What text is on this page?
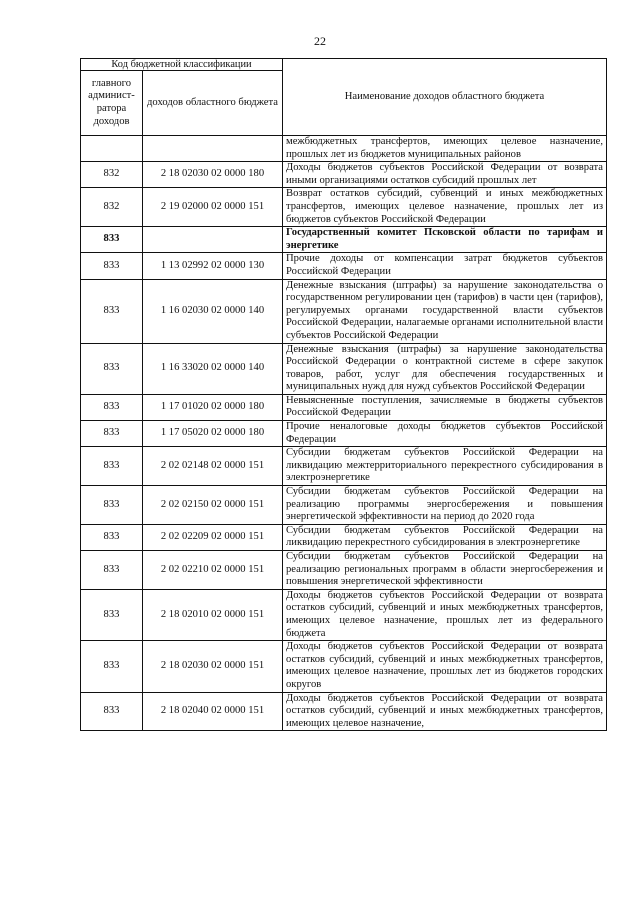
22
Код бюджетной классификации		Наименование доходов областного бюджета
главного админист-ратора доходов	доходов областного бюджета	
		межбюджетных трансфертов, имеющих целевое назначение, прошлых лет из бюджетов муниципальных районов
832	2 18 02030 02 0000 180	Доходы бюджетов субъектов Российской Федерации от возврата иными организациями остатков субсидий прошлых лет
832	2 19 02000 02 0000 151	Возврат остатков субсидий, субвенций и иных межбюджетных трансфертов, имеющих целевое назначение, прошлых лет из бюджетов субъектов Российской Федерации
833		Государственный комитет Псковской области по тарифам и энергетике
833	1 13 02992 02 0000 130	Прочие доходы от компенсации затрат бюджетов субъектов Российской Федерации
833	1 16 02030 02 0000 140	Денежные взыскания (штрафы) за нарушение законодательства о государственном регулировании цен (тарифов) в части цен (тарифов), регулируемых органами государственной власти субъектов Российской Федерации, налагаемые органами исполнительной власти субъектов Российской Федерации
833	1 16 33020 02 0000 140	Денежные взыскания (штрафы) за нарушение законодательства Российской Федерации о контрактной системе в сфере закупок товаров, работ, услуг для обеспечения государственных и муниципальных нужд для нужд субъектов Российской Федерации
833	1 17 01020 02 0000 180	Невыясненные поступления, зачисляемые в бюджеты субъектов Российской Федерации
833	1 17 05020 02 0000 180	Прочие неналоговые доходы бюджетов субъектов Российской Федерации
833	2 02 02148 02 0000 151	Субсидии бюджетам субъектов Российской Федерации на ликвидацию межтерриториального перекрестного субсидирования в электроэнергетике
833	2 02 02150 02 0000 151	Субсидии бюджетам субъектов Российской Федерации на реализацию программы энергосбережения и повышения энергетической эффективности на период до 2020 года
833	2 02 02209 02 0000 151	Субсидии бюджетам субъектов Российской Федерации на ликвидацию перекрестного субсидирования в электроэнергетике
833	2 02 02210 02 0000 151	Субсидии бюджетам субъектов Российской Федерации на реализацию региональных программ в области энергосбережения и повышения энергетической эффективности
833	2 18 02010 02 0000 151	Доходы бюджетов субъектов Российской Федерации от возврата остатков субсидий, субвенций и иных межбюджетных трансфертов, имеющих целевое назначение, прошлых лет из федерального бюджета
833	2 18 02030 02 0000 151	Доходы бюджетов субъектов Российской Федерации от возврата остатков субсидий, субвенций и иных межбюджетных трансфертов, имеющих целевое назначение, прошлых лет из бюджетов городских округов
833	2 18 02040 02 0000 151	Доходы бюджетов субъектов Российской Федерации от возврата остатков субсидий, субвенций и иных межбюджетных трансфертов, имеющих целевое назначение,
